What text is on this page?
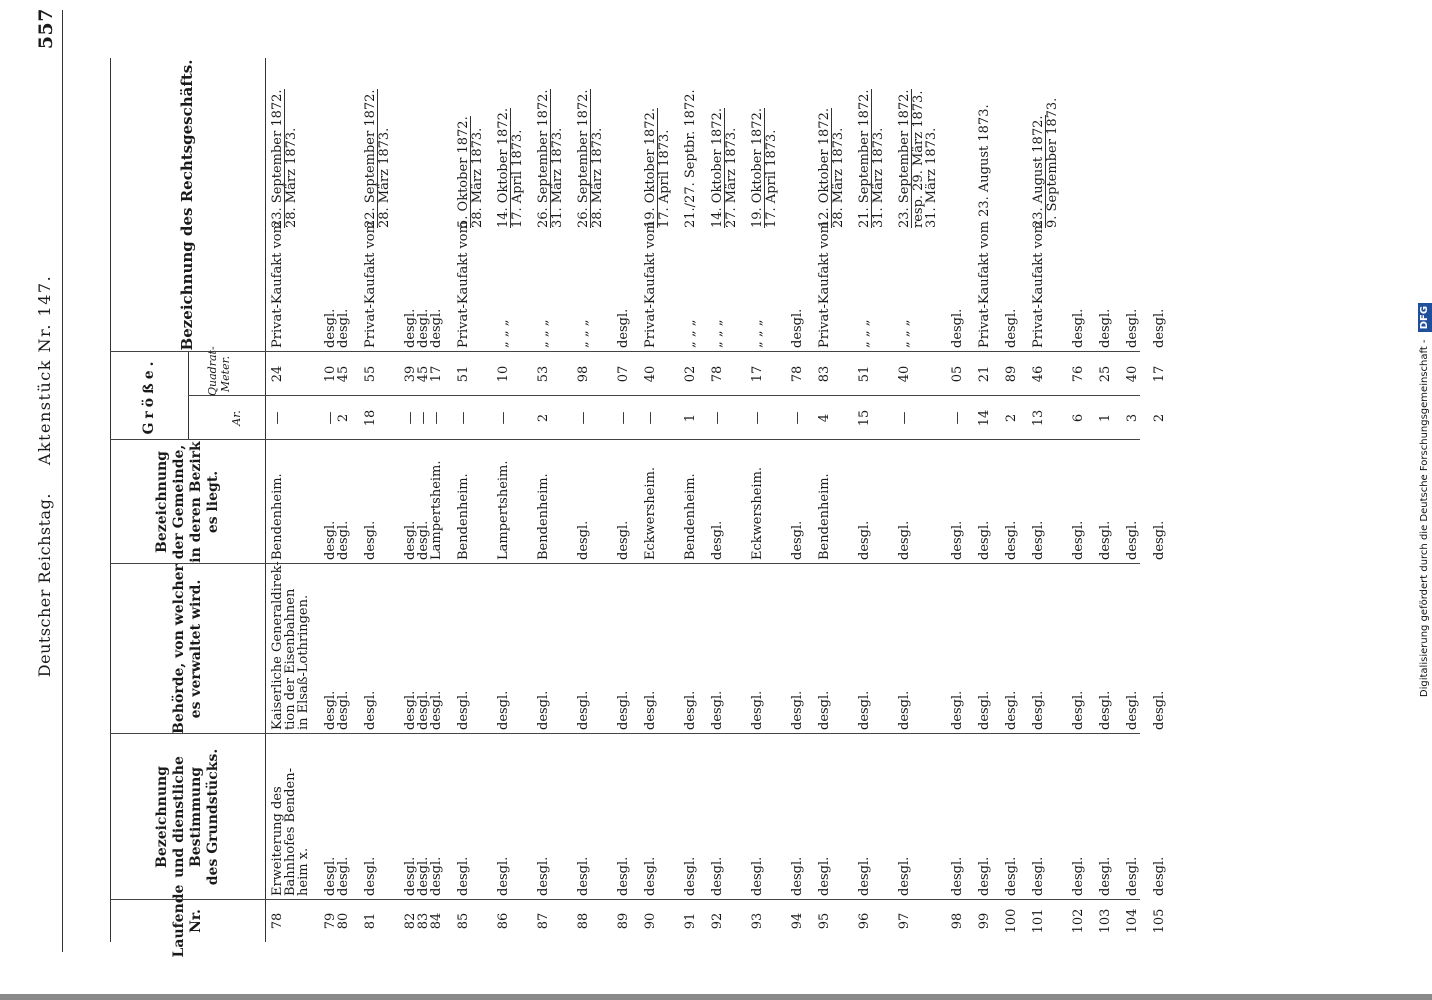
Deutscher Reichstag.     Aktenstück Nr. 147.
557
Laufende Nr.
Bezeichnung und dienstliche Bestimmung des Grundstücks.
Behörde, von welcher es verwaltet wird.
Bezeichnung der Gemeinde, in deren Bezirk es liegt.
Größe.	Ar.
Quadrat-Meter.
Bezeichnung des Rechtsgeschäfts.
78
Erweiterung des
Bahnhofes Benden-
heim x.
Kaiserliche Generaldirek-
tion der Eisenbahnen
in Elsaß-Lothringen.
Bendenheim.
—
24
Privat-Kaufakt vom
23. September 1872. 28. März 1873.
79
80
desgl.
desgl.
desgl.
desgl.
desgl.
desgl.
—
2
10
45
desgl.
desgl.
81
desgl.
desgl.
desgl.
18
55
Privat-Kaufakt vom
22. September 1872. 28. März 1873.
82
83
84
desgl.
desgl.
desgl.
desgl.
desgl.
desgl.
desgl.
desgl.
Lampertsheim.
—
—
—
39
45
17
desgl.
desgl.
desgl.
85
desgl.
desgl.
Bendenheim.
—
51
Privat-Kaufakt vom
5. Oktober 1872. 28. März 1873.
86
desgl.
desgl.
Lampertsheim.
—
10
„ „ „
14. Oktober 1872. 17. April 1873.
87
desgl.
desgl.
Bendenheim.
2
53
„ „ „
26. September 1872. 31. März 1873.
88
desgl.
desgl.
desgl.
—
98
„ „ „
26. September 1872. 28. März 1873.
89
desgl.
desgl.
desgl.
—
07
desgl.
90
desgl.
desgl.
Eckwersheim.
—
40
Privat-Kaufakt vom
19. Oktober 1872. 17. April 1873.
91
desgl.
desgl.
Bendenheim.
1
02
„ „ „
21./27. Septbr. 1872.
92
desgl.
desgl.
desgl.
—
78
„ „ „
14. Oktober 1872. 27. März 1873.
93
desgl.
desgl.
Eckwersheim.
—
17
„ „ „
19. Oktober 1872. 17. April 1873.
94
desgl.
desgl.
desgl.
—
78
desgl.
95
desgl.
desgl.
Bendenheim.
4
83
Privat-Kaufakt vom
12. Oktober 1872. 28. März 1873.
96
desgl.
desgl.
desgl.
15
51
„ „ „
21. September 1872. 31. März 1873.
97
desgl.
desgl.
desgl.
—
40
„ „ „
23. September 1872. resp. 29. März 1873.
31. März 1873.
98
desgl.
desgl.
desgl.
—
05
desgl.
99
desgl.
desgl.
desgl.
14
21
Privat-Kaufakt vom 23. August 1873.
100
desgl.
desgl.
desgl.
2
89
desgl.
101
desgl.
desgl.
desgl.
13
46
Privat-Kaufakt vom
23. August 1872. 9. September 1873.
102
desgl.
desgl.
desgl.
6
76
desgl.
103
desgl.
desgl.
desgl.
1
25
desgl.
104
desgl.
desgl.
desgl.
3
40
desgl.
105
desgl.
desgl.
desgl.
2
17
desgl.
Digitalisierung gefördert durch die Deutsche Forschungsgemeinschaft - DFG
